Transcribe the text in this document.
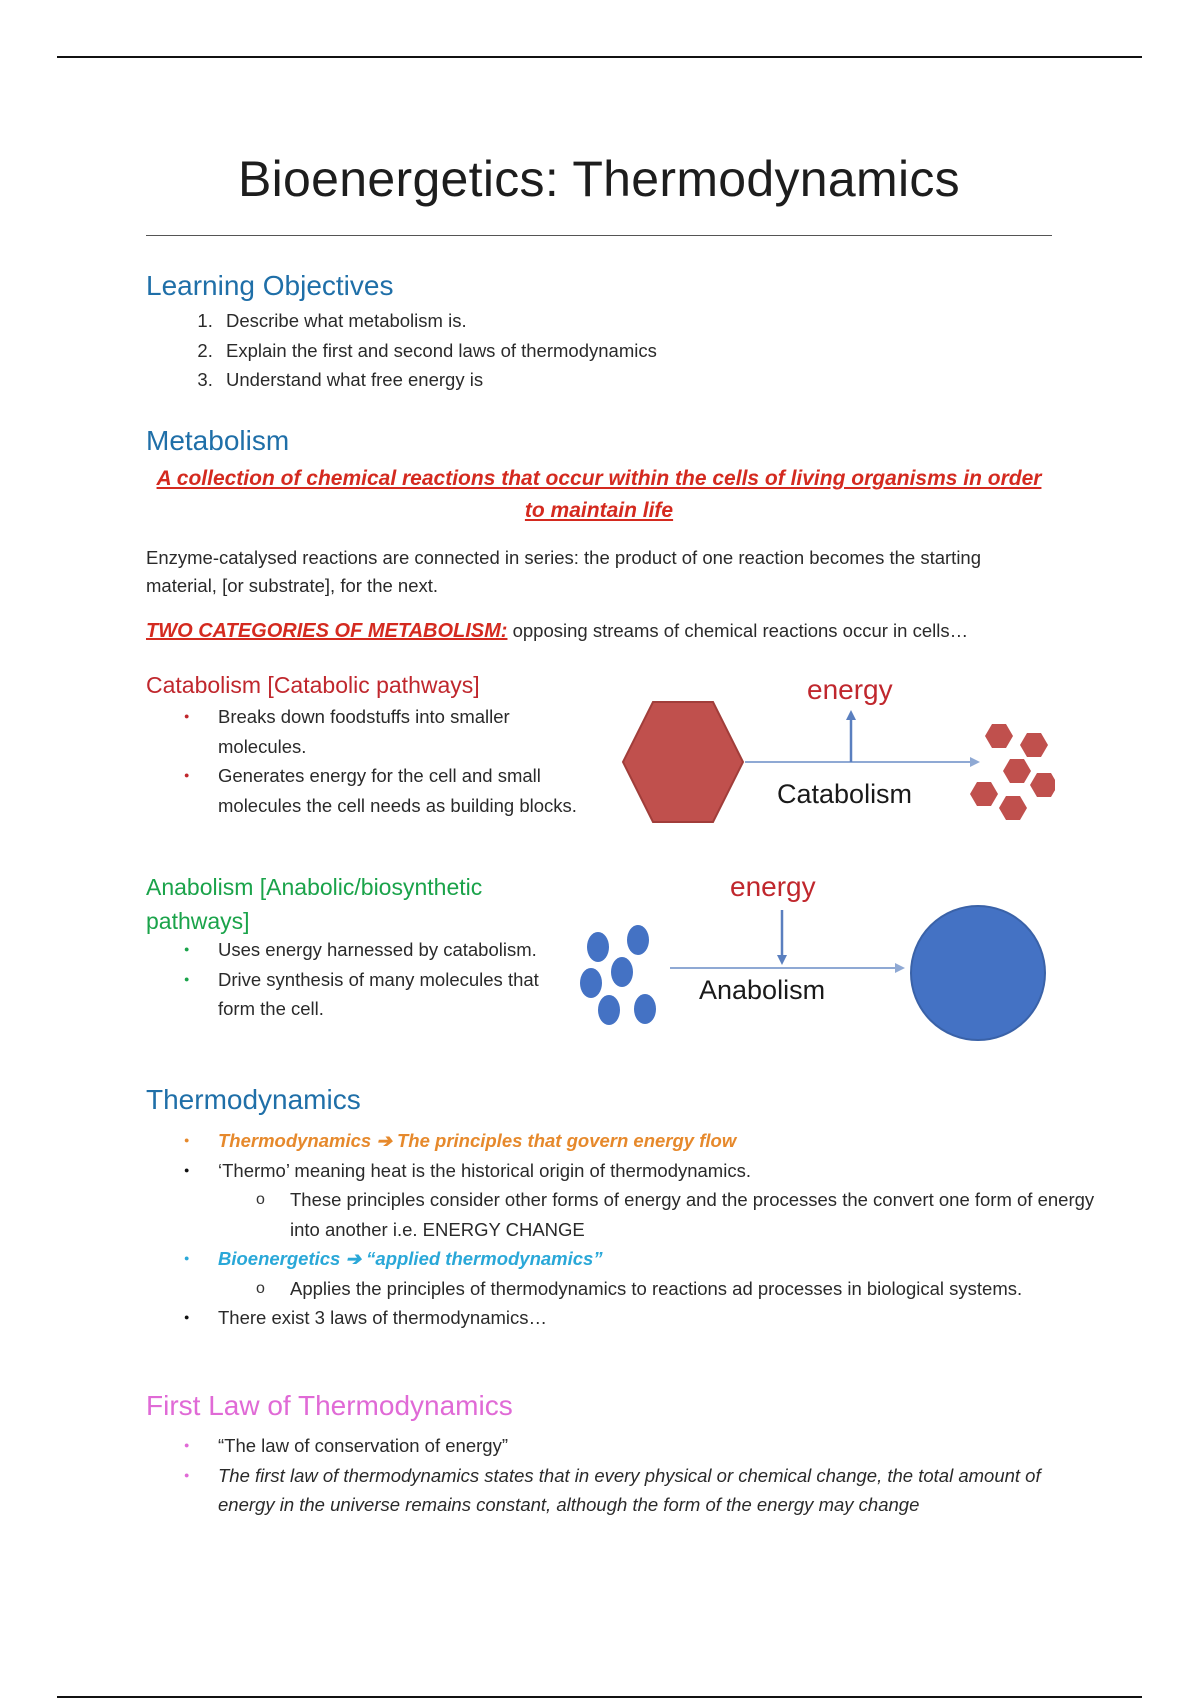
Bioenergetics: Thermodynamics
Learning Objectives
1. Describe what metabolism is.
2. Explain the first and second laws of thermodynamics
3. Understand what free energy is
Metabolism
A collection of chemical reactions that occur within the cells of living organisms in order to maintain life
Enzyme-catalysed reactions are connected in series: the product of one reaction becomes the starting material, [or substrate], for the next.
TWO CATEGORIES OF METABOLISM: opposing streams of chemical reactions occur in cells…
Catabolism [Catabolic pathways]
● Breaks down foodstuffs into smaller molecules.
● Generates energy for the cell and small molecules the cell needs as building blocks.
Anabolism [Anabolic/biosynthetic pathways]
● Uses energy harnessed by catabolism.
● Drive synthesis of many molecules that form the cell.
Thermodynamics
● Thermodynamics ➔ The principles that govern energy flow
● ‘Thermo’ meaning heat is the historical origin of thermodynamics.
o These principles consider other forms of energy and the processes the convert one form of energy into another i.e. ENERGY CHANGE
● Bioenergetics ➔ “applied thermodynamics”
o Applies the principles of thermodynamics to reactions ad processes in biological systems.
● There exist 3 laws of thermodynamics…
First Law of Thermodynamics
● “The law of conservation of energy”
● The first law of thermodynamics states that in every physical or chemical change, the total amount of energy in the universe remains constant, although the form of the energy may change
energy
Catabolism
energy
Anabolism
